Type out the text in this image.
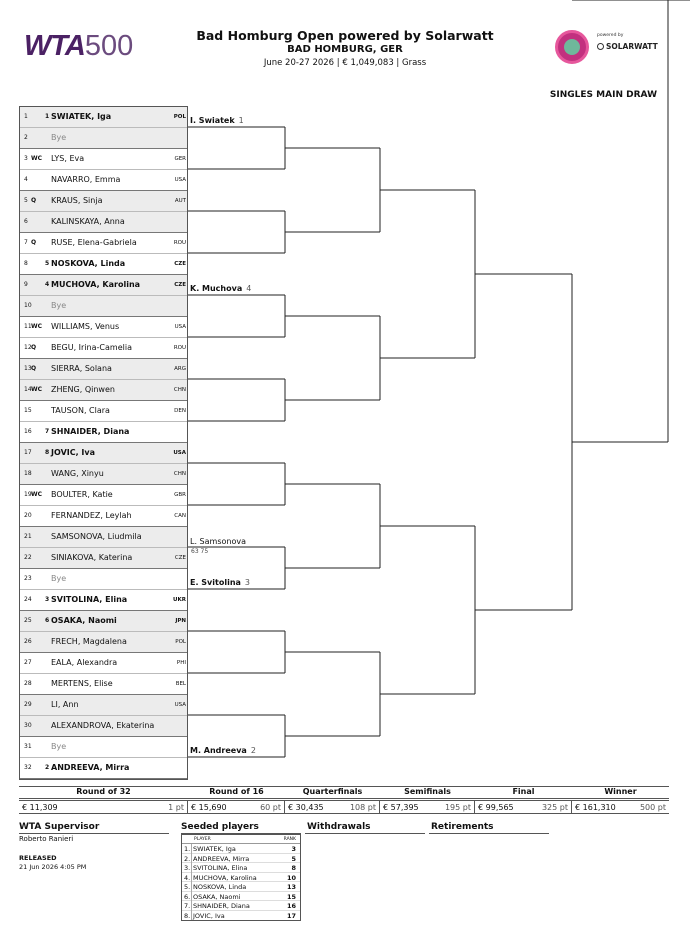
WTA500	Bad Homburg Open powered by Solarwatt
BAD HOMBURG, GER
June 20-27 2026 | € 1,049,083 | Grass
powered by
SOLARWATT
SINGLES MAIN DRAW
1	1 SWIATEK, Iga	POL
2	Bye
3 WC LYS, Eva	GER
4	NAVARRO, Emma	USA
5 Q KRAUS, Sinja	AUT
6	KALINSKAYA, Anna
7 Q RUSE, Elena-Gabriela	ROU
8	5 NOSKOVA, Linda	CZE
9	4 MUCHOVA, Karolina	CZE
10 Bye
11 WC WILLIAMS, Venus	USA
12 Q BEGU, Irina-Camelia	ROU
13 Q SIERRA, Solana	ARG
14 WC ZHENG, Qinwen	CHN
15 TAUSON, Clara	DEN
16 7 SHNAIDER, Diana
17 8 JOVIC, Iva	USA
18 WANG, Xinyu	CHN
19 WC BOULTER, Katie	GBR
20 FERNANDEZ, Leylah	CAN
21 SAMSONOVA, Liudmila
22 SINIAKOVA, Katerina	CZE
23 Bye
24 3 SVITOLINA, Elina	UKR
25 6 OSAKA, Naomi	JPN
26 FRECH, Magdalena	POL
27 EALA, Alexandra	PHI
28 MERTENS, Elise	BEL
29 LI, Ann	USA
30 ALEXANDROVA, Ekaterina
31 Bye
32 2 ANDREEVA, Mirra
I. Swiatek 1
K. Muchova 4
L. Samsonova
63 75
E. Svitolina 3
M. Andreeva 2
Round of 32	Round of 16	Quarterfinals	Semifinals	Final	Winner
€ 11,309	1 pt € 15,690	60 pt € 30,435	108 pt € 57,395	195 pt € 99,565	325 pt € 161,310	500 pt
WTA Supervisor
Roberto Ranieri
RELEASED
21 Jun 2026 4:05 PM
Seeded players
PLAYER	RANK
1. SWIATEK, Iga	3
2. ANDREEVA, Mirra	5
3. SVITOLINA, Elina	8
4. MUCHOVA, Karolina	10
5. NOSKOVA, Linda	13
6. OSAKA, Naomi	15
7. SHNAIDER, Diana	16
8. JOVIC, Iva	17
Withdrawals	Retirements
